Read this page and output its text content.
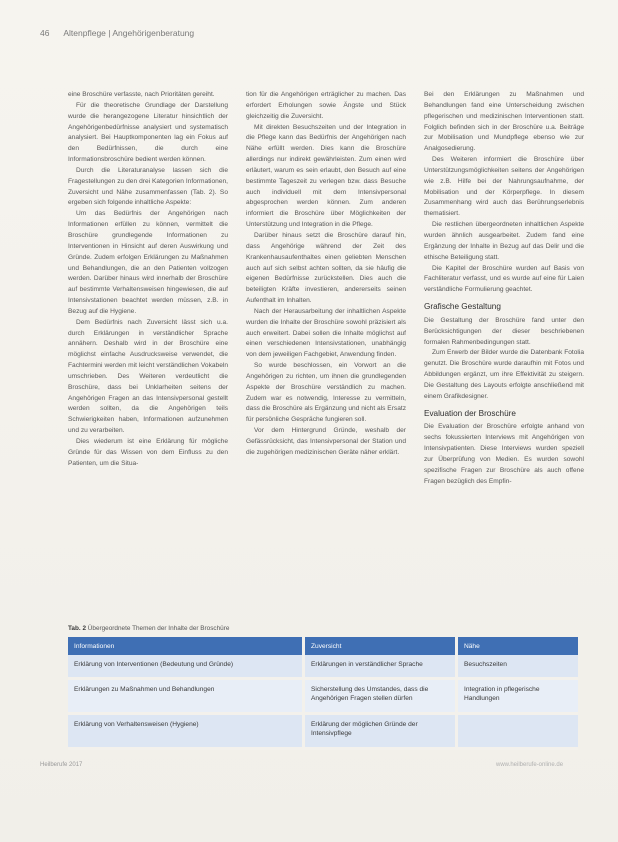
46 Altenpflege | Angehörigenberatung

eine Broschüre verfasste, nach Prioritäten gereiht.

Für die theoretische Grundlage der Darstellung wurde die herangezogene Literatur hinsichtlich der Angehörigenbedürfnisse analysiert und systematisch analysiert. Bei Hauptkomponenten lag ein Fokus auf den Bedürfnissen, die durch eine Informationsbroschüre bedient werden können.

Durch die Literaturanalyse lassen sich die Fragestellungen zu den drei Kategorien Informationen, Zuversicht und Nähe zusammenfassen (Tab. 2). So ergeben sich folgende inhaltliche Aspekte:

Um das Bedürfnis der Angehörigen nach Informationen erfüllen zu können, vermittelt die Broschüre grundlegende Informationen zu Interventionen in Hinsicht auf deren Auswirkung und Gründe. Zudem erfolgen Erklärungen zu Maßnahmen und Behandlungen, die an den Patienten vollzogen werden. Darüber hinaus wird innerhalb der Broschüre auf bestimmte Verhaltensweisen hingewiesen, die auf Intensivstationen beachtet werden müssen, z.B. in Bezug auf die Hygiene.

Dem Bedürfnis nach Zuversicht lässt sich u.a. durch Erklärungen in verständlicher Sprache annähern. Deshalb wird in der Broschüre eine möglichst einfache Ausdrucksweise verwendet, die Fachtermini werden mit leicht verständlichen Vokabeln umschrieben. Des Weiteren verdeutlicht die Broschüre, dass bei Unklarheiten seitens der Angehörigen Fragen an das Intensivpersonal gestellt werden sollten, da die Angehörigen teils Schwierigkeiten haben, Informationen aufzunehmen und zu verarbeiten.

Dies wiederum ist eine Erklärung für mögliche Gründe für das Wissen von dem Einfluss zu den Patienten, um die Situa-

tion für die Angehörigen erträglicher zu machen. Das erfordert Erholungen sowie Ängste und Stück gleichzeitig die Zuversicht.

Mit direkten Besuchszeiten und der Integration in die Pflege kann das Bedürfnis der Angehörigen nach Nähe erfüllt werden. Dies kann die Broschüre allerdings nur indirekt gewährleisten. Zum einen wird erläutert, warum es sein erlaubt, den Besuch auf eine bestimmte Tageszeit zu verlegen bzw. dass Besuche auch individuell mit dem Intensivpersonal abgesprochen werden können. Zum anderen informiert die Broschüre über Möglichkeiten der Unterstützung und Integration in die Pflege.

Darüber hinaus setzt die Broschüre darauf hin, dass Angehörige während der Zeit des Krankenhausaufenthaltes einen geliebten Menschen auch auf sich selbst achten sollten, da sie häufig die eigenen Bedürfnisse zurückstellen. Dies auch die beteiligten Kräfte investieren, andererseits seinen Aufenthalt im Inhalten.

Nach der Herausarbeitung der inhaltlichen Aspekte wurden die Inhalte der Broschüre sowohl präzisiert als auch erweitert. Dabei sollen die Inhalte möglichst auf einen verschiedenen Intensivstationen, unabhängig von dem jeweiligen Fachgebiet, Anwendung finden.

So wurde beschlossen, ein Vorwort an die Angehörigen zu richten, um ihnen die grundlegenden Aspekte der Broschüre verständlich zu machen. Zudem war es notwendig, Interesse zu vermitteln, dass die Broschüre als Ergänzung und nicht als Ersatz für persönliche Gespräche fungieren soll.

Vor dem Hintergrund Gründe, weshalb der Gefässrücksicht, das Intensivpersonal der Station und die zugehörigen medizinischen Geräte näher erklärt.

Bei den Erklärungen zu Maßnahmen und Behandlungen fand eine Unterscheidung zwischen pflegerischen und medizinischen Interventionen statt. Folglich befinden sich in der Broschüre u.a. Beiträge zur Mobilisation und Mundpflege ebenso wie zur Analgosedierung.

Des Weiteren informiert die Broschüre über Unterstützungsmöglichkeiten seitens der Angehörigen wie z.B. Hilfe bei der Nahrungsaufnahme, der Mobilisation und der Körperpflege. In diesem Zusammenhang wird auch das Berührungserlebnis thematisiert.

Die restlichen übergeordneten inhaltlichen Aspekte wurden ähnlich ausgearbeitet. Zudem fand eine Ergänzung der Inhalte in Bezug auf das Delir und die ethische Beteiligung statt.

Die Kapitel der Broschüre wurden auf Basis von Fachliteratur verfasst, und es wurde auf eine für Laien verständliche Formulierung geachtet.

Grafische Gestaltung

Die Gestaltung der Broschüre fand unter den Berücksichtigungen der dieser beschriebenen formalen Rahmenbedingungen statt.

Zum Erwerb der Bilder wurde die Datenbank Fotolia genutzt. Die Broschüre wurde daraufhin mit Fotos und Abbildungen ergänzt, um ihre Effektivität zu steigern. Die Gestaltung des Layouts erfolgte anschließend mit einem Grafikdesigner.

Evaluation der Broschüre

Die Evaluation der Broschüre erfolgte anhand von sechs fokussierten Interviews mit Angehörigen von Intensivpatienten. Diese Interviews wurden speziell zur Überprüfung von Medien. Es wurden sowohl spezifische Fragen zur Broschüre als auch offene Fragen bezüglich des Empfin-

Tab. 2 Übergeordnete Themen der Inhalte der Broschüre
Informationen	Zuversicht	Nähe
Erklärung von Interventionen (Bedeutung und Gründe)	Erklärungen in verständlicher Sprache	Besuchszeiten
Erklärungen zu Maßnahmen und Behandlungen	Sicherstellung des Umstandes, dass die Angehörigen Fragen stellen dürfen	Integration in pflegerische Handlungen
Erklärung von Verhaltensweisen (Hygiene)	Erklärung der möglichen Gründe der Intensivpflege	
Heilberufe 2017	www.heilberufe-online.de
